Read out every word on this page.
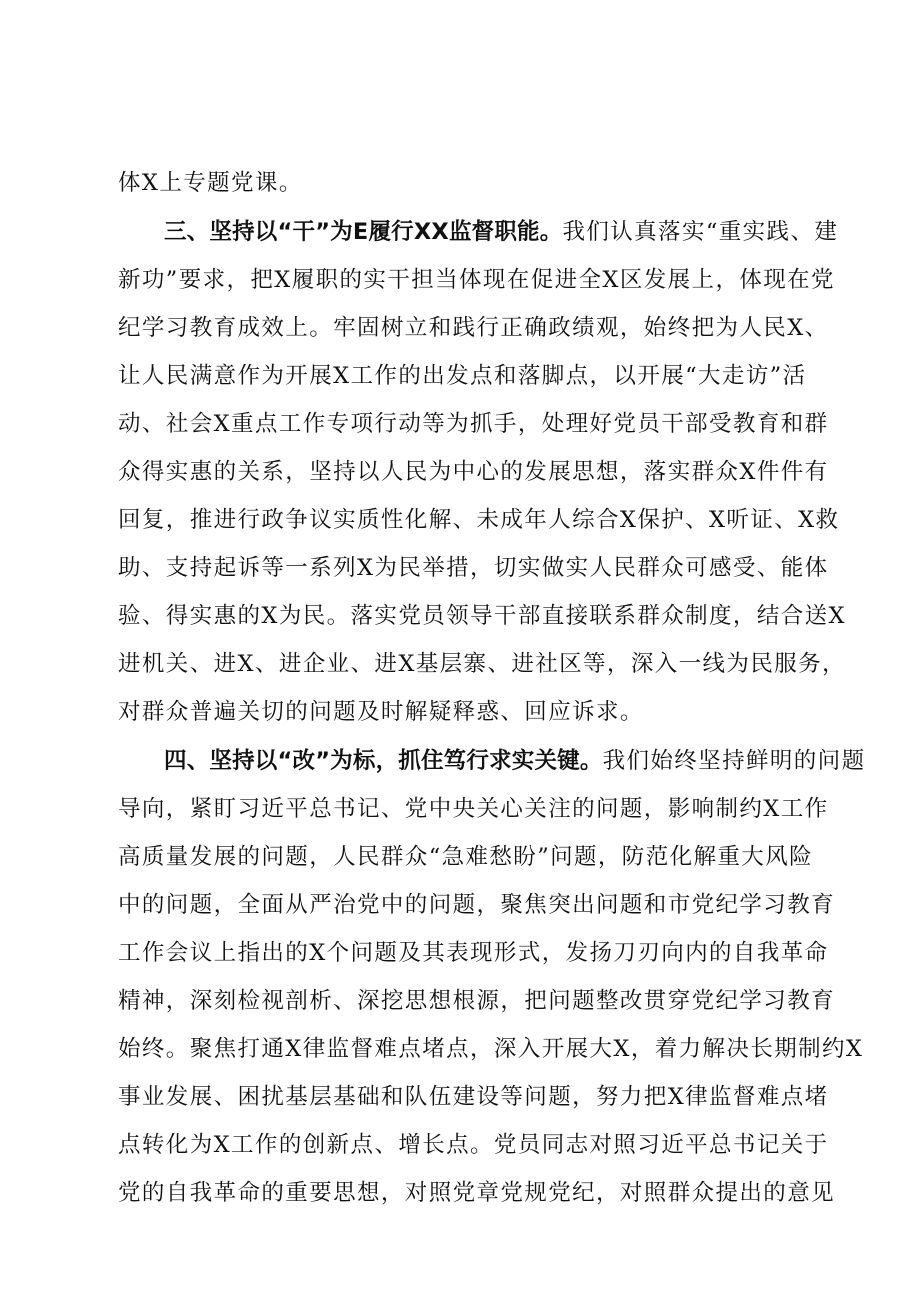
体X上专题党课。
三、坚持以“干”为E履行XX监督职能。我们认真落实“重实践、建
新功”要求，把X履职的实干担当体现在促进全X区发展上，体现在党
纪学习教育成效上。牢固树立和践行正确政绩观，始终把为人民X、
让人民满意作为开展X工作的出发点和落脚点，以开展“大走访”活
动、社会X重点工作专项行动等为抓手，处理好党员干部受教育和群
众得实惠的关系，坚持以人民为中心的发展思想，落实群众X件件有
回复，推进行政争议实质性化解、未成年人综合X保护、X听证、X救
助、支持起诉等一系列X为民举措，切实做实人民群众可感受、能体
验、得实惠的X为民。落实党员领导干部直接联系群众制度，结合送X
进机关、进X、进企业、进X基层寨、进社区等，深入一线为民服务，
对群众普遍关切的问题及时解疑释惑、回应诉求。
四、坚持以“改”为标，抓住笃行求实关键。我们始终坚持鲜明的问题
导向，紧盯习近平总书记、党中央关心关注的问题，影响制约X工作
高质量发展的问题，人民群众“急难愁盼”问题，防范化解重大风险
中的问题，全面从严治党中的问题，聚焦突出问题和市党纪学习教育
工作会议上指出的X个问题及其表现形式，发扬刀刃向内的自我革命
精神，深刻检视剖析、深挖思想根源，把问题整改贯穿党纪学习教育
始终。聚焦打通X律监督难点堵点，深入开展大X，着力解决长期制约X
事业发展、困扰基层基础和队伍建设等问题，努力把X律监督难点堵
点转化为X工作的创新点、增长点。党员同志对照习近平总书记关于
党的自我革命的重要思想，对照党章党规党纪，对照群众提出的意见
